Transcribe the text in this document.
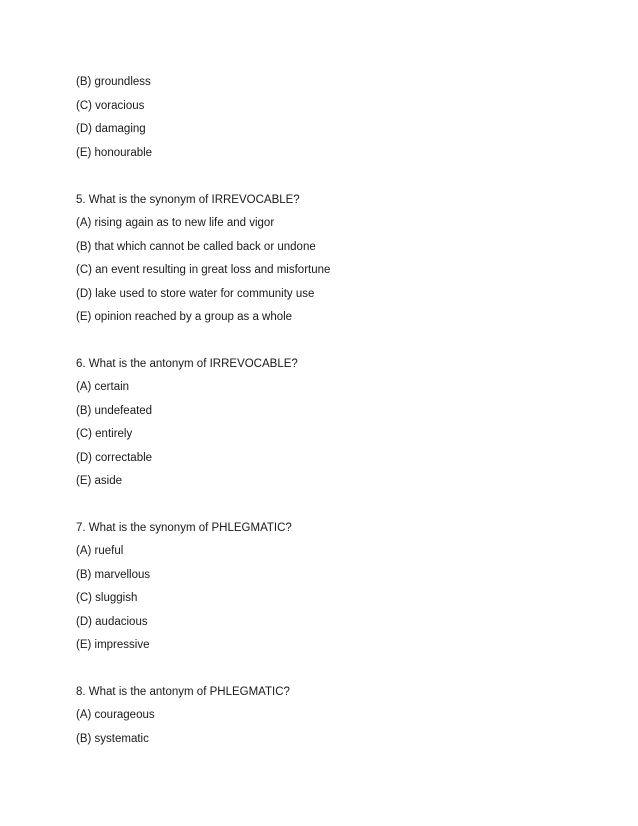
(B) groundless
(C) voracious
(D) damaging
(E) honourable
5. What is the synonym of IRREVOCABLE?
(A) rising again as to new life and vigor
(B) that which cannot be called back or undone
(C) an event resulting in great loss and misfortune
(D) lake used to store water for community use
(E) opinion reached by a group as a whole
6. What is the antonym of IRREVOCABLE?
(A) certain
(B) undefeated
(C) entirely
(D) correctable
(E) aside
7. What is the synonym of PHLEGMATIC?
(A) rueful
(B) marvellous
(C) sluggish
(D) audacious
(E) impressive
8. What is the antonym of PHLEGMATIC?
(A) courageous
(B) systematic
